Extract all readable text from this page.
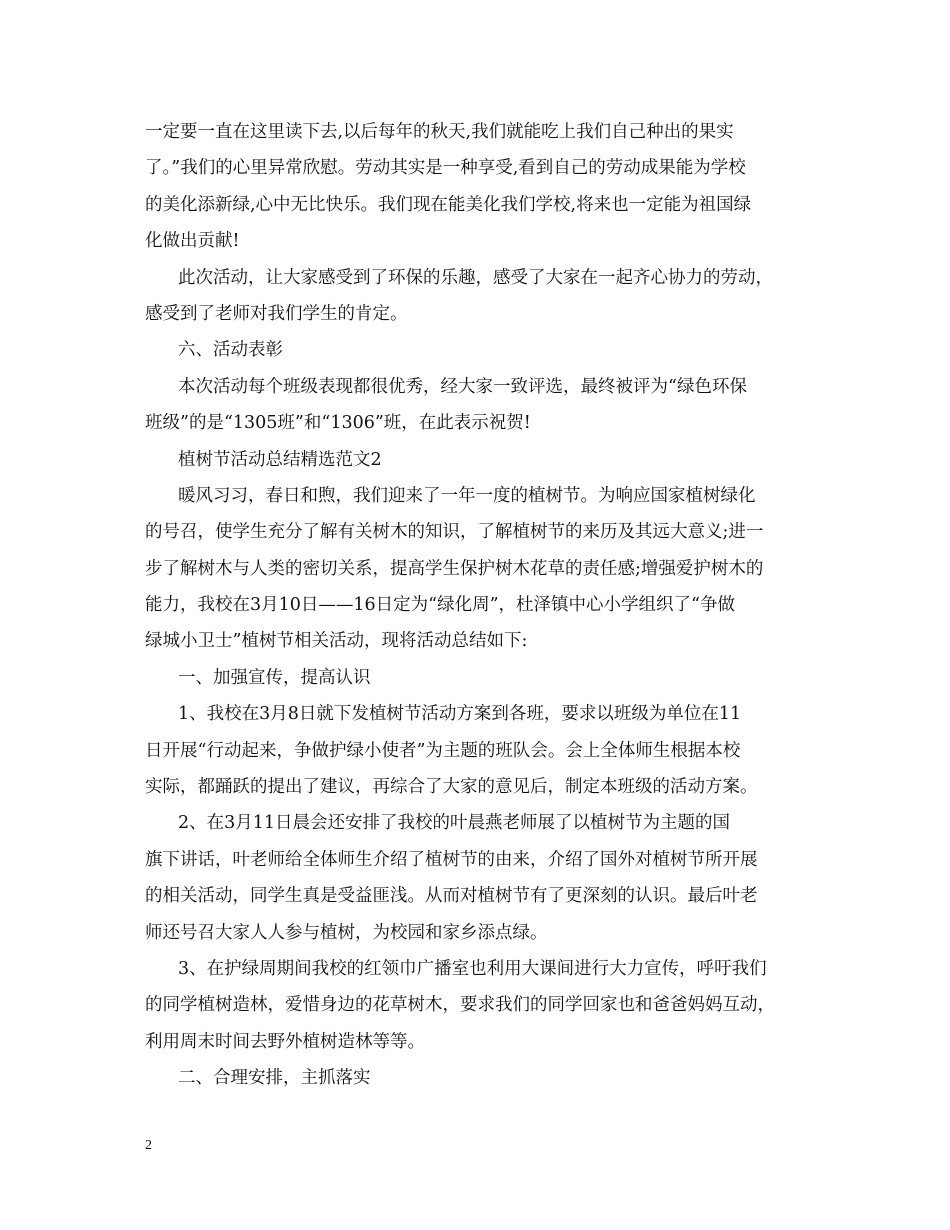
一定要一直在这里读下去,以后每年的秋天,我们就能吃上我们自己种出的果实
了。”我们的心里异常欣慰。劳动其实是一种享受,看到自己的劳动成果能为学校
的美化添新绿,心中无比快乐。我们现在能美化我们学校,将来也一定能为祖国绿
化做出贡献!
此次活动，让大家感受到了环保的乐趣，感受了大家在一起齐心协力的劳动，
感受到了老师对我们学生的肯定。
六、活动表彰
本次活动每个班级表现都很优秀，经大家一致评选，最终被评为“绿色环保
班级”的是“1305班”和“1306”班，在此表示祝贺!
植树节活动总结精选范文2
暖风习习，春日和煦，我们迎来了一年一度的植树节。为响应国家植树绿化
的号召，使学生充分了解有关树木的知识，了解植树节的来历及其远大意义;进一
步了解树木与人类的密切关系，提高学生保护树木花草的责任感;增强爱护树木的
能力，我校在3月10日——16日定为“绿化周”，杜泽镇中心小学组织了“争做
绿城小卫士”植树节相关活动，现将活动总结如下:
一、加强宣传，提高认识
1、我校在3月8日就下发植树节活动方案到各班，要求以班级为单位在11
日开展“行动起来，争做护绿小使者”为主题的班队会。会上全体师生根据本校
实际，都踊跃的提出了建议，再综合了大家的意见后，制定本班级的活动方案。
2、在3月11日晨会还安排了我校的叶晨燕老师展了以植树节为主题的国
旗下讲话，叶老师给全体师生介绍了植树节的由来，介绍了国外对植树节所开展
的相关活动，同学生真是受益匪浅。从而对植树节有了更深刻的认识。最后叶老
师还号召大家人人参与植树，为校园和家乡添点绿。
3、在护绿周期间我校的红领巾广播室也利用大课间进行大力宣传，呼吁我们
的同学植树造林，爱惜身边的花草树木，要求我们的同学回家也和爸爸妈妈互动，
利用周末时间去野外植树造林等等。
二、合理安排，主抓落实
2
